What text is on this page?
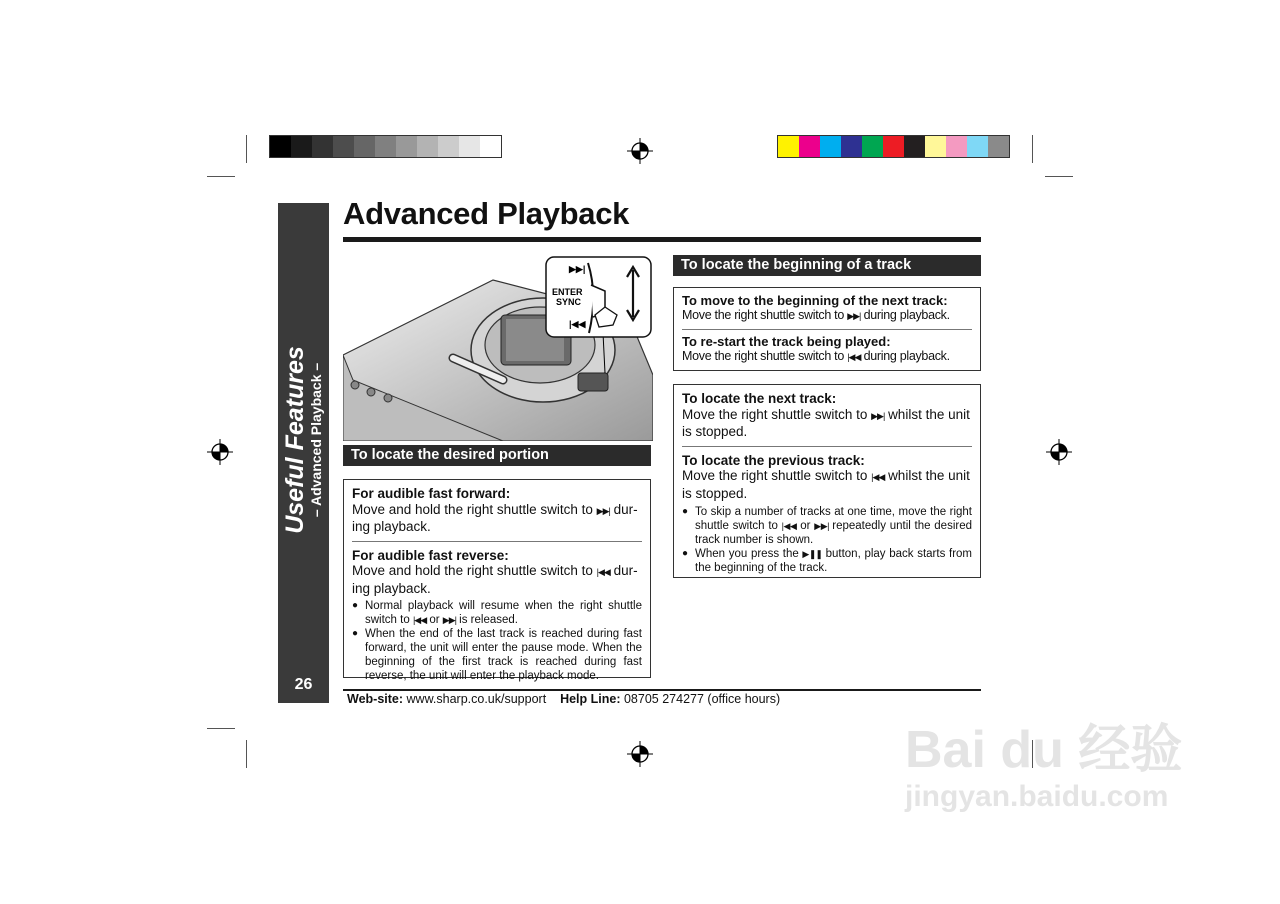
Useful Features – Advanced Playback –
26
Advanced Playback
▶▶|
ENTER
SYNC
|◀◀
To locate the desired portion
For audible fast forward:
Move and hold the right shuttle switch to ▶▶| dur-
ing playback.
For audible fast reverse:
Move and hold the right shuttle switch to |◀◀ dur-
ing playback.
● Normal playback will resume when the right shuttle switch to |◀◀ or ▶▶| is released.
● When the end of the last track is reached during fast forward, the unit will enter the pause mode. When the beginning of the first track is reached during fast reverse, the unit will enter the playback mode.
To locate the beginning of a track
To move to the beginning of the next track:
Move the right shuttle switch to ▶▶| during playback.
To re-start the track being played:
Move the right shuttle switch to |◀◀ during playback.
To locate the next track:
Move the right shuttle switch to ▶▶| whilst the unit is stopped.
To locate the previous track:
Move the right shuttle switch to |◀◀ whilst the unit is stopped.
● To skip a number of tracks at one time, move the right shuttle switch to |◀◀ or ▶▶| repeatedly until the desired track number is shown.
● When you press the ▶❚❚ button, play back starts from the beginning of the track.
Web-site: www.sharp.co.uk/support Help Line: 08705 274277 (office hours)
Bai du 经验
jingyan.baidu.com
